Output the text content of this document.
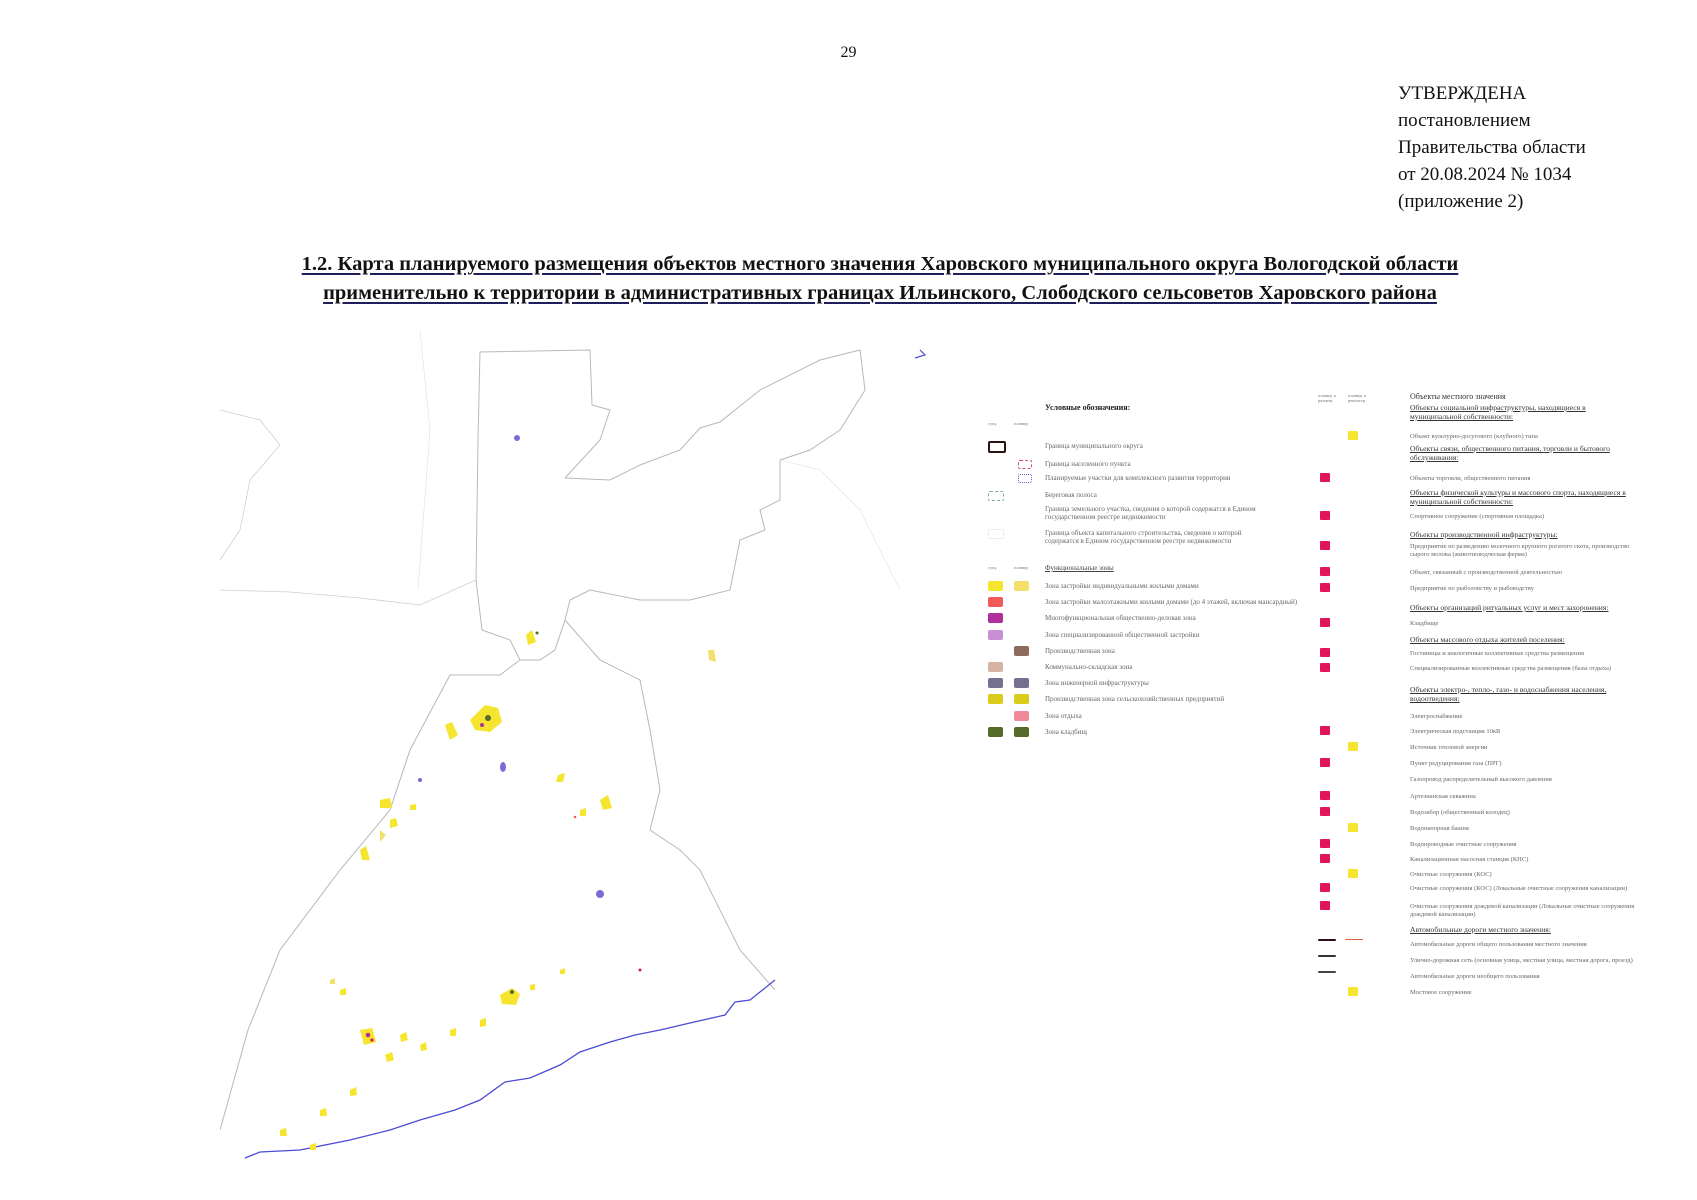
29
УТВЕРЖДЕНА
постановлением
Правительства области
от 20.08.2024 № 1034
(приложение 2)
1.2. Карта планируемого размещения объектов местного значения Харовского муниципального округа Вологодской области
применительно к территории в административных границах Ильинского, Слободского сельсоветов Харовского района
Условные обозначения:
сущ.	планир.
Граница муниципального округа
Граница населенного пункта
Планируемые участки для комплексного развития территории
Береговая полоса
Граница земельного участка, сведения о которой содержатся в Едином государственном реестре недвижимости
Граница объекта капитального строительства, сведения о которой содержатся в Едином государственном реестре недвижимости
сущ.	планир. Функциональные зоны
Зона застройки индивидуальными жилыми домами
Зона застройки малоэтажными жилыми домами (до 4 этажей, включая мансардный)
Многофункциональная общественно-деловая зона
Зона специализированной общественной застройки
Производственная зона
Коммунально-складская зона
Зона инженерной инфраструктуры
Производственная зона сельскохозяйственных предприятий
Зона отдыха
Зона кладбищ
планир. к размещ.
планир. к реконстр.	Объекты местного значения
Объекты социальной инфраструктуры, находящиеся в муниципальной собственности:
Объект культурно-досугового (клубного) типа
Объекты связи, общественного питания, торговли и бытового обслуживания:
Объекты торговли, общественного питания
Объекты физической культуры и массового спорта, находящиеся в муниципальной собственности:
Спортивное сооружение (спортивная площадка)
Объекты производственной инфраструктуры:
Предприятие по разведению молочного крупного рогатого скота, производство сырого молока (животноводческая ферма)
Объект, связанный с производственной деятельностью
Предприятие по рыболовству и рыбоводству
Объекты организаций ритуальных услуг и мест захоронения:
Кладбище
Объекты массового отдыха жителей поселения:
Гостиницы и аналогичные коллективные средства размещения
Специализированные коллективные средства размещения (базы отдыха)
Объекты электро-, тепло-, газо- и водоснабжения населения, водоотведения:
Электроснабжение
Электрическая подстанция 10кВ
Источник тепловой энергии
Пункт редуцирования газа (ПРГ)
Газопровод распределительный высокого давления
Артезианская скважина
Водозабор (общественный колодец)
Водонапорная башня
Водопроводные очистные сооружения
Канализационная насосная станция (КНС)
Очистные сооружения (КОС)
Очистные сооружения (КОС) (Локальные очистные сооружения канализации)
Очистные сооружения дождевой канализации (Локальные очистные сооружения дождевой канализации)
Автомобильные дороги местного значения:
Автомобильные дороги общего пользования местного значения
Улично-дорожная сеть (основная улица, местная улица, местная дорога, проезд)
Автомобильные дороги необщего пользования
Мостовое сооружение
